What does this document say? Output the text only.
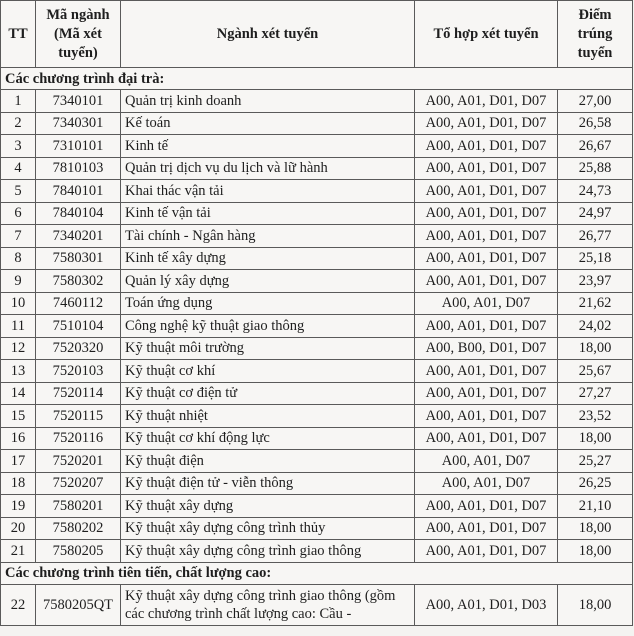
TT	Mã ngành (Mã xét tuyển)	Ngành xét tuyển	Tổ hợp xét tuyển	Điểm trúng tuyển
Các chương trình đại trà:				
1	7340101	Quản trị kinh doanh	A00, A01, D01, D07	27,00
2	7340301	Kế toán	A00, A01, D01, D07	26,58
3	7310101	Kinh tế	A00, A01, D01, D07	26,67
4	7810103	Quản trị dịch vụ du lịch và lữ hành	A00, A01, D01, D07	25,88
5	7840101	Khai thác vận tải	A00, A01, D01, D07	24,73
6	7840104	Kinh tế vận tải	A00, A01, D01, D07	24,97
7	7340201	Tài chính - Ngân hàng	A00, A01, D01, D07	26,77
8	7580301	Kinh tế xây dựng	A00, A01, D01, D07	25,18
9	7580302	Quản lý xây dựng	A00, A01, D01, D07	23,97
10	7460112	Toán ứng dụng	A00, A01, D07	21,62
11	7510104	Công nghệ kỹ thuật giao thông	A00, A01, D01, D07	24,02
12	7520320	Kỹ thuật môi trường	A00, B00, D01, D07	18,00
13	7520103	Kỹ thuật cơ khí	A00, A01, D01, D07	25,67
14	7520114	Kỹ thuật cơ điện tử	A00, A01, D01, D07	27,27
15	7520115	Kỹ thuật nhiệt	A00, A01, D01, D07	23,52
16	7520116	Kỹ thuật cơ khí động lực	A00, A01, D01, D07	18,00
17	7520201	Kỹ thuật điện	A00, A01, D07	25,27
18	7520207	Kỹ thuật điện tử - viễn thông	A00, A01, D07	26,25
19	7580201	Kỹ thuật xây dựng	A00, A01, D01, D07	21,10
20	7580202	Kỹ thuật xây dựng công trình thủy	A00, A01, D01, D07	18,00
21	7580205	Kỹ thuật xây dựng công trình giao thông	A00, A01, D01, D07	18,00
Các chương trình tiên tiến, chất lượng cao:				
22	7580205QT	Kỹ thuật xây dựng công trình giao thông (gồm các chương trình chất lượng cao: Cầu -	A00, A01, D01, D03	18,00
